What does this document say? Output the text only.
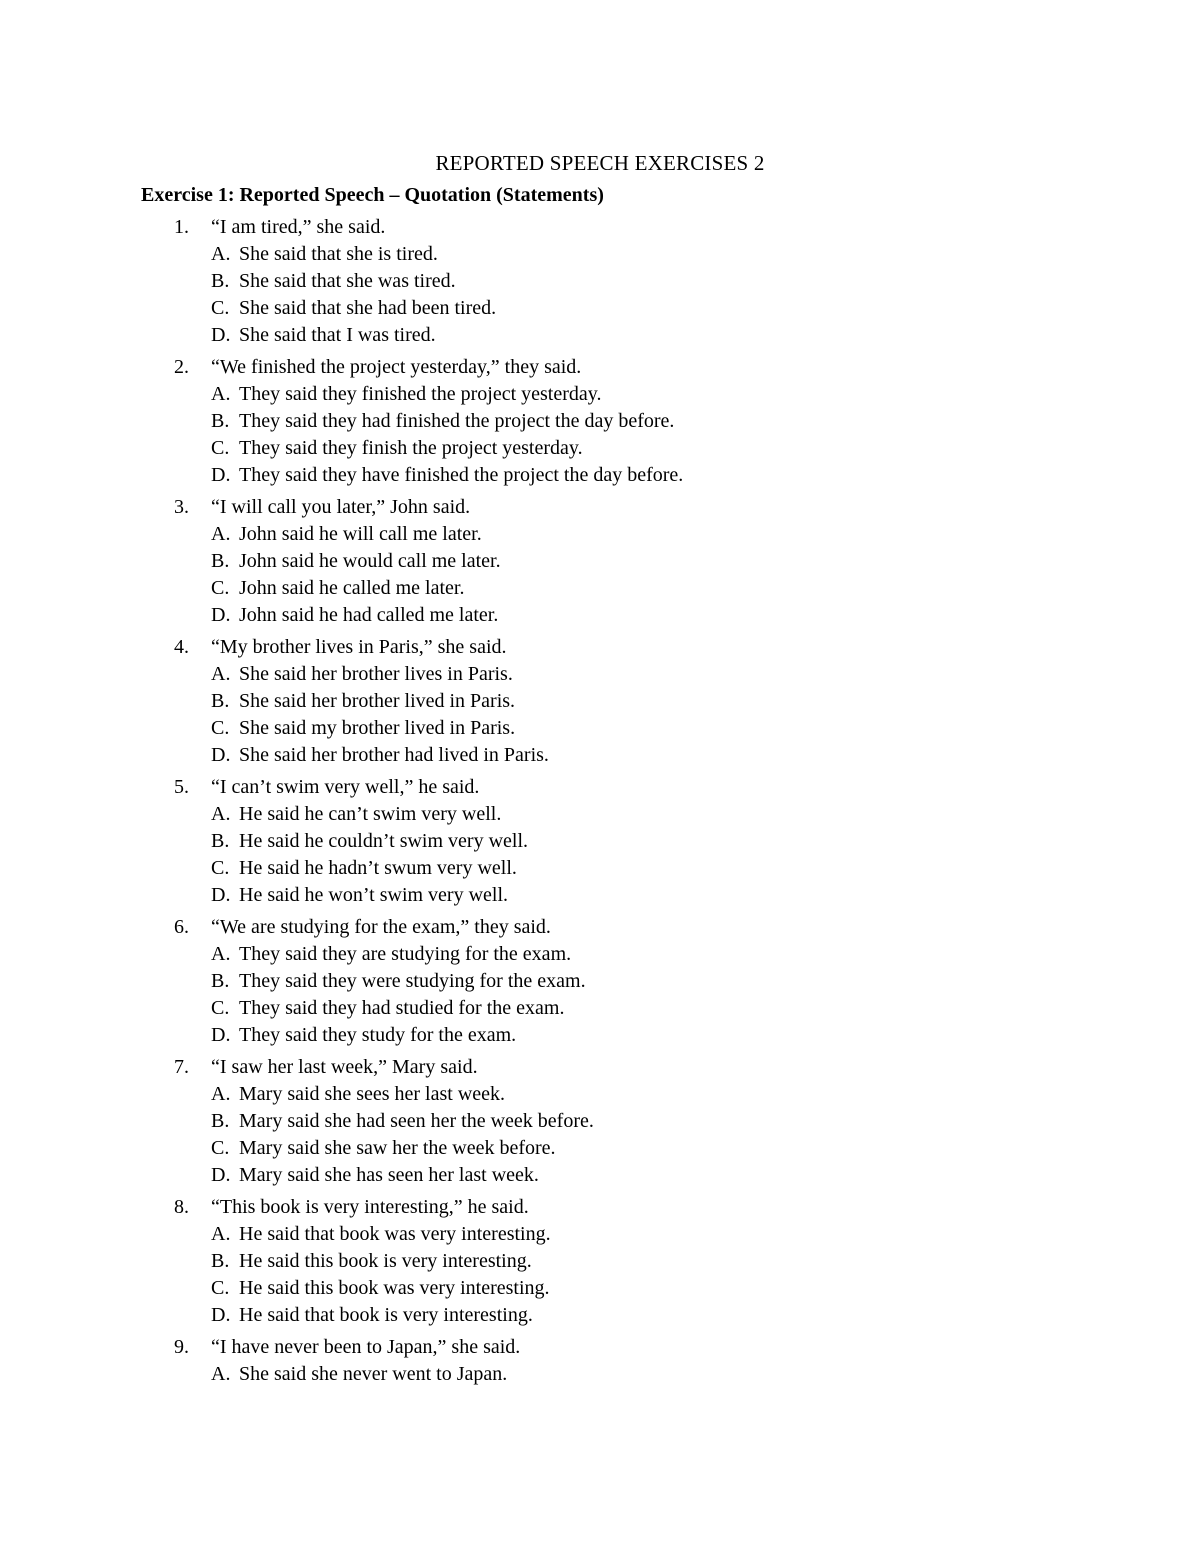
REPORTED SPEECH EXERCISES 2
Exercise 1: Reported Speech – Quotation (Statements)
1. “I am tired,” she said.
A. She said that she is tired.
B. She said that she was tired.
C. She said that she had been tired.
D. She said that I was tired.
2. “We finished the project yesterday,” they said.
A. They said they finished the project yesterday.
B. They said they had finished the project the day before.
C. They said they finish the project yesterday.
D. They said they have finished the project the day before.
3. “I will call you later,” John said.
A. John said he will call me later.
B. John said he would call me later.
C. John said he called me later.
D. John said he had called me later.
4. “My brother lives in Paris,” she said.
A. She said her brother lives in Paris.
B. She said her brother lived in Paris.
C. She said my brother lived in Paris.
D. She said her brother had lived in Paris.
5. “I can’t swim very well,” he said.
A. He said he can’t swim very well.
B. He said he couldn’t swim very well.
C. He said he hadn’t swum very well.
D. He said he won’t swim very well.
6. “We are studying for the exam,” they said.
A. They said they are studying for the exam.
B. They said they were studying for the exam.
C. They said they had studied for the exam.
D. They said they study for the exam.
7. “I saw her last week,” Mary said.
A. Mary said she sees her last week.
B. Mary said she had seen her the week before.
C. Mary said she saw her the week before.
D. Mary said she has seen her last week.
8. “This book is very interesting,” he said.
A. He said that book was very interesting.
B. He said this book is very interesting.
C. He said this book was very interesting.
D. He said that book is very interesting.
9. “I have never been to Japan,” she said.
A. She said she never went to Japan.
